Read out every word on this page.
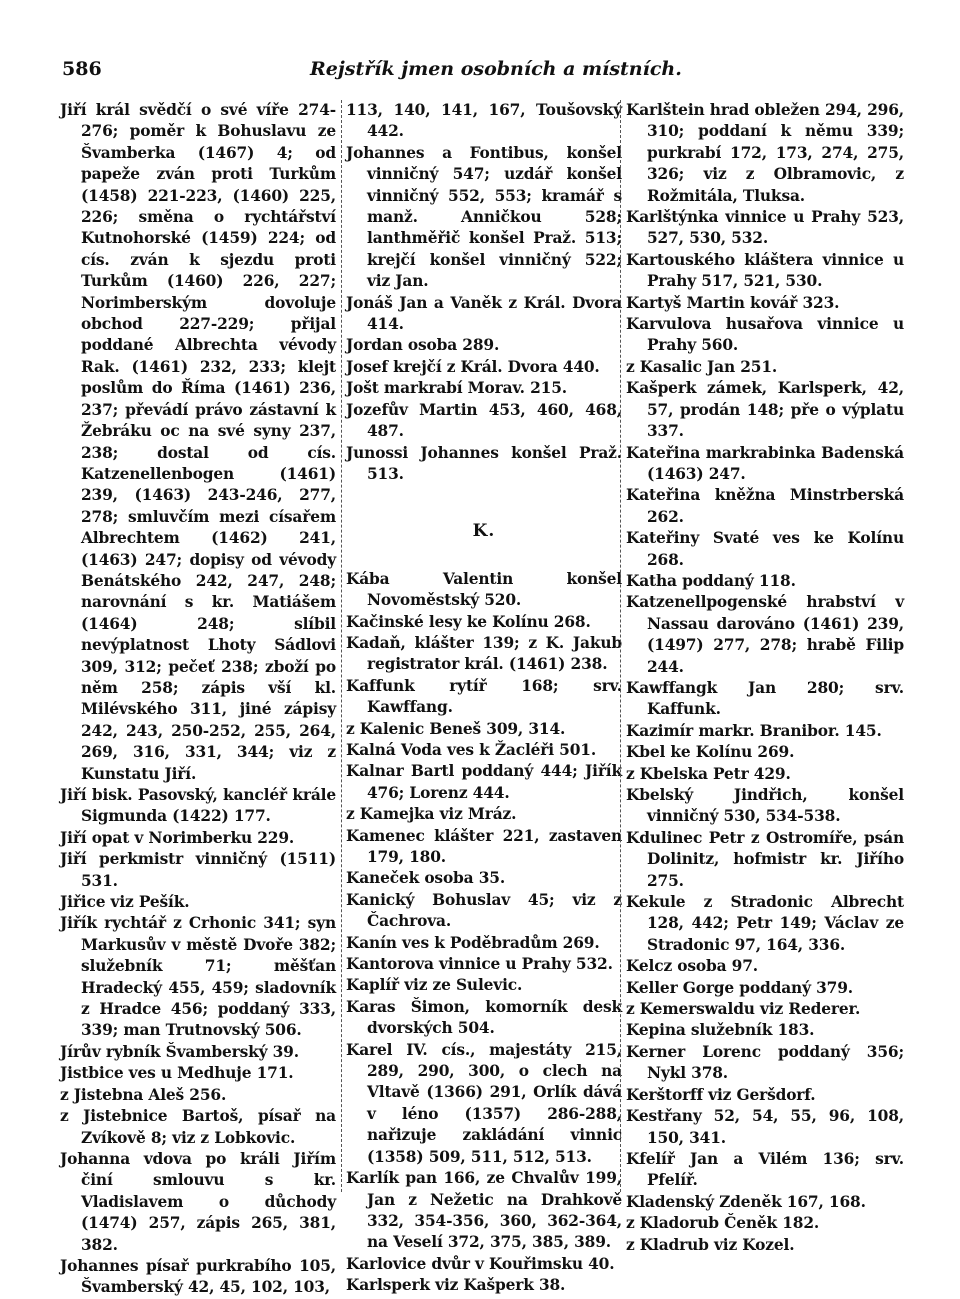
586	Rejstřík jmen osobních a místních.

Jiří král svědčí o své víře 274-276; poměr k Bohuslavu ze Švamberka (1467) 4; od papeže zván proti Turkům (1458) 221-223, (1460) 225, 226; směna o rychtářství Kutnohorské (1459) 224; od cís. zván k sjezdu proti Turkům (1460) 226, 227; Norimberským dovoluje obchod 227-229; přijal poddané Albrechta vévody Rak. (1461) 232, 233; klejt poslům do Říma (1461) 236, 237; převádí právo zástavní k Žebráku oc na své syny 237, 238; dostal od cís. Katzenellenbogen (1461) 239, (1463) 243-246, 277, 278; smluvčím mezi císařem Albrechtem (1462) 241, (1463) 247; dopisy od vévody Benátského 242, 247, 248; narovnání s kr. Matiášem (1464) 248; slíbil nevýplatnost Lhoty Sádlovi 309, 312; pečeť 238; zboží po něm 258; zápis vší kl. Milévského 311, jiné zápisy 242, 243, 250-252, 255, 264, 269, 316, 331, 344; viz z Kunstatu Jiří.

Jiří bisk. Pasovský, kancléř krále Sigmunda (1422) 177.

Jiří opat v Norimberku 229.

Jiří perkmistr vinničný (1511) 531.

Jiřice viz Pešík.

Jiřík rychtář z Crhonic 341; syn Markusův v městě Dvoře 382; služebník 71; měšťan Hradecký 455, 459; sladovník z Hradce 456; poddaný 333, 339; man Trutnovský 506.

Jírův rybník Švamberský 39.

Jistbice ves u Medhuje 171.

z Jistebna Aleš 256.

z Jistebnice Bartoš, písař na Zvíkově 8; viz z Lobkovic.

Johanna vdova po králi Jiřím činí smlouvu s kr. Vladislavem o důchody (1474) 257, zápis 265, 381, 382.

Johannes písař purkrabího 105, Švamberský 42, 45, 102, 103,

113, 140, 141, 167, Toušovský 442.

Johannes a Fontibus, konšel vinničný 547; uzdář konšel vinničný 552, 553; kramář s manž. Anničkou 528; lanthměřič konšel Praž. 513; krejčí konšel vinničný 522; viz Jan.

Jonáš Jan a Vaněk z Král. Dvora 414.

Jordan osoba 289.

Josef krejčí z Král. Dvora 440.

Jošt markrabí Morav. 215.

Jozefův Martin 453, 460, 468, 487.

Junossi Johannes konšel Praž. 513.

K.

Kába Valentin konšel Novoměstský 520.

Kačinské lesy ke Kolínu 268.

Kadaň, klášter 139; z K. Jakub registrator král. (1461) 238.

Kaffunk rytíř 168; srv. Kawffang.

z Kalenic Beneš 309, 314.

Kalná Voda ves k Žacléři 501.

Kalnar Bartl poddaný 444; Jiřík 476; Lorenz 444.

z Kamejka viz Mráz.

Kamenec klášter 221, zastaven 179, 180.

Kaneček osoba 35.

Kanický Bohuslav 45; viz z Čachrova.

Kanín ves k Poděbradům 269.

Kantorova vinnice u Prahy 532.

Kaplíř viz ze Sulevic.

Karas Šimon, komorník desk dvorských 504.

Karel IV. cís., majestáty 215, 289, 290, 300, o clech na Vltavě (1366) 291, Orlík dává v léno (1357) 286-288, nařizuje zakládání vinnic (1358) 509, 511, 512, 513.

Karlík pan 166, ze Chvalův 199, Jan z Nežetic na Drahkově 332, 354-356, 360, 362-364, na Veselí 372, 375, 385, 389.

Karlovice dvůr v Kouřimsku 40.

Karlsperk viz Kašperk 38.

Karlštein hrad obležen 294, 296, 310; poddaní k němu 339; purkrabí 172, 173, 274, 275, 326; viz z Olbramovic, z Rožmitála, Tluksa.

Karlštýnka vinnice u Prahy 523, 527, 530, 532.

Kartouského kláštera vinnice u Prahy 517, 521, 530.

Kartyš Martin kovář 323.

Karvulova husařova vinnice u Prahy 560.

z Kasalic Jan 251.

Kašperk zámek, Karlsperk, 42, 57, prodán 148; pře o výplatu 337.

Kateřina markrabinka Badenská (1463) 247.

Kateřina kněžna Minstrberská 262.

Kateřiny Svaté ves ke Kolínu 268.

Katha poddaný 118.

Katzenellpogenské hrabství v Nassau darováno (1461) 239, (1497) 277, 278; hrabě Filip 244.

Kawffangk Jan 280; srv. Kaffunk.

Kazimír markr. Branibor. 145.

Kbel ke Kolínu 269.

z Kbelska Petr 429.

Kbelský Jindřich, konšel vinničný 530, 534-538.

Kdulinec Petr z Ostromíře, psán Dolinitz, hofmistr kr. Jiřího 275.

Kekule z Stradonic Albrecht 128, 442; Petr 149; Václav ze Stradonic 97, 164, 336.

Kelcz osoba 97.

Keller Gorge poddaný 379.

z Kemerswaldu viz Rederer.

Kepina služebník 183.

Kerner Lorenc poddaný 356; Nykl 378.

Kerštorff viz Geršdorf.

Kestřany 52, 54, 55, 96, 108, 150, 341.

Kfelíř Jan a Vilém 136; srv. Pfelíř.

Kladenský Zdeněk 167, 168.

z Kladorub Čeněk 182.

z Kladrub viz Kozel.
